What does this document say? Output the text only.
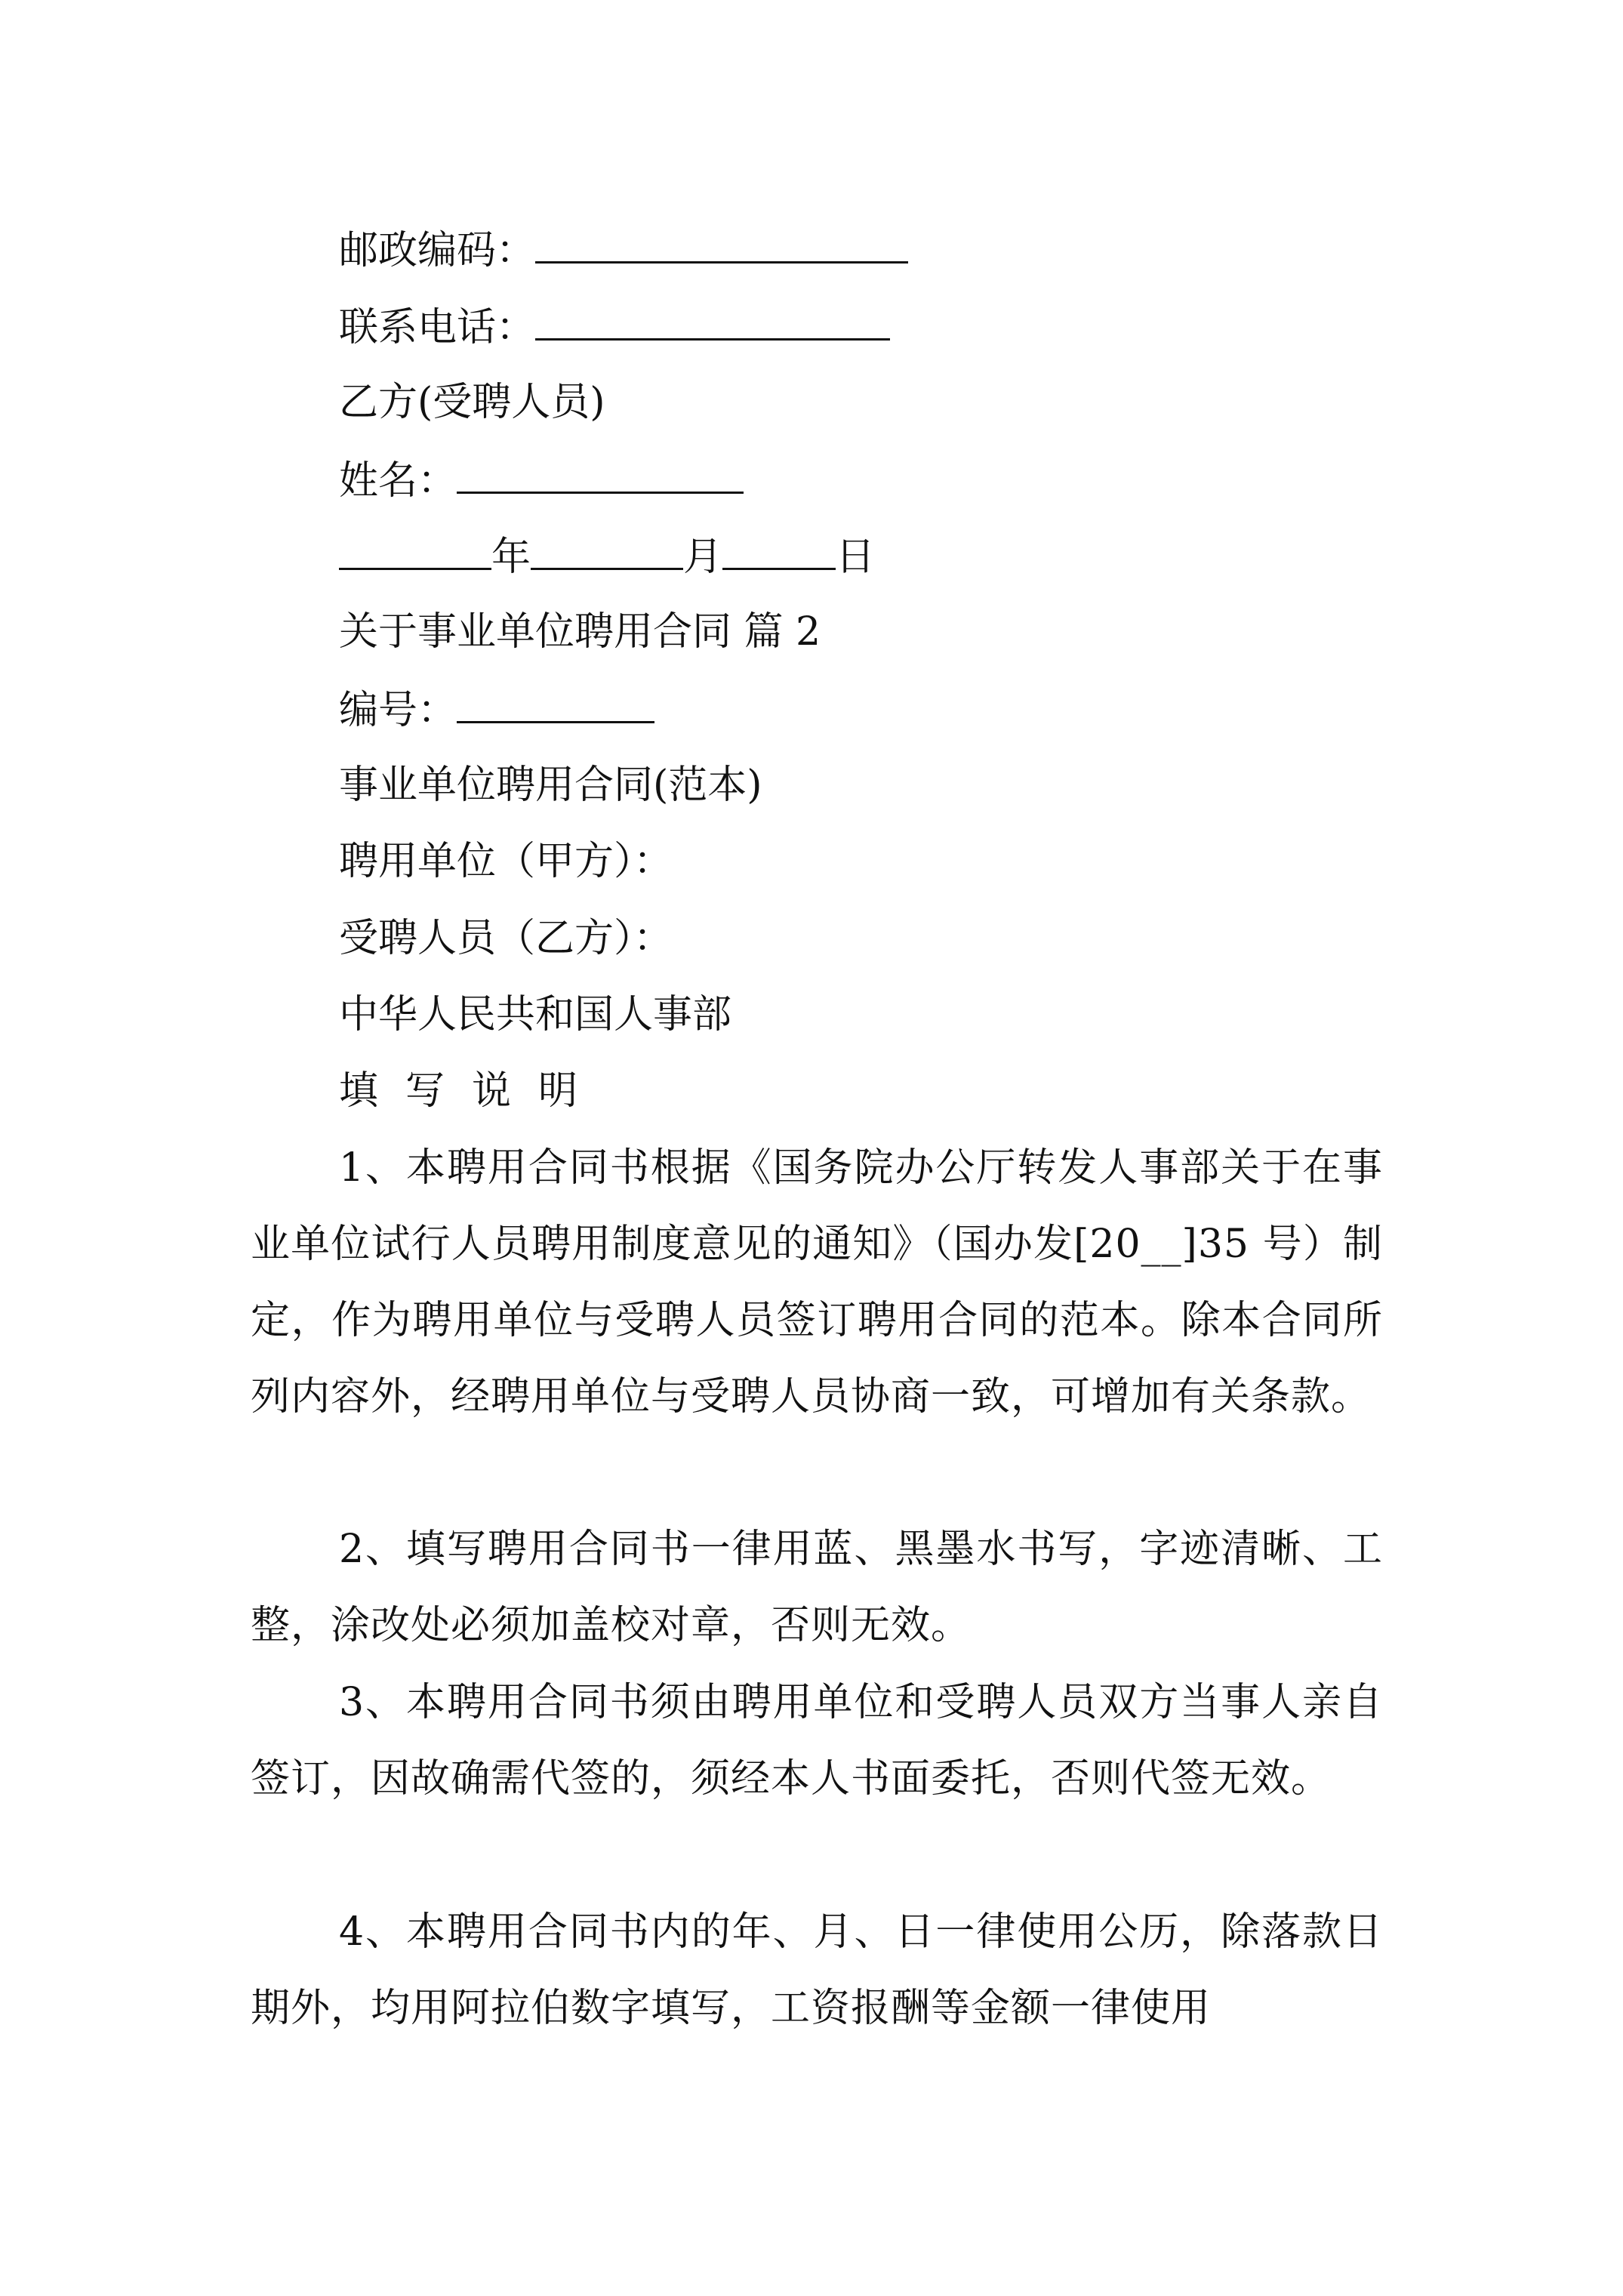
邮政编码：
联系电话：
乙方(受聘人员)
姓名：
年	月	日
关于事业单位聘用合同 篇 2
编号：
事业单位聘用合同(范本)
聘用单位（甲方）：
受聘人员（乙方）：
中华人民共和国人事部
填写说明
1、本聘用合同书根据《国务院办公厅转发人事部关于在事业单位试行人员聘用制度意见的通知》（国办发[20__]35 号）制定，作为聘用单位与受聘人员签订聘用合同的范本。除本合同所列内容外，经聘用单位与受聘人员协商一致，可增加有关条款。
2、填写聘用合同书一律用蓝、黑墨水书写，字迹清晰、工整，涂改处必须加盖校对章，否则无效。
3、本聘用合同书须由聘用单位和受聘人员双方当事人亲自签订，因故确需代签的，须经本人书面委托，否则代签无效。
4、本聘用合同书内的年、月、日一律使用公历，除落款日期外，均用阿拉伯数字填写，工资报酬等金额一律使用
